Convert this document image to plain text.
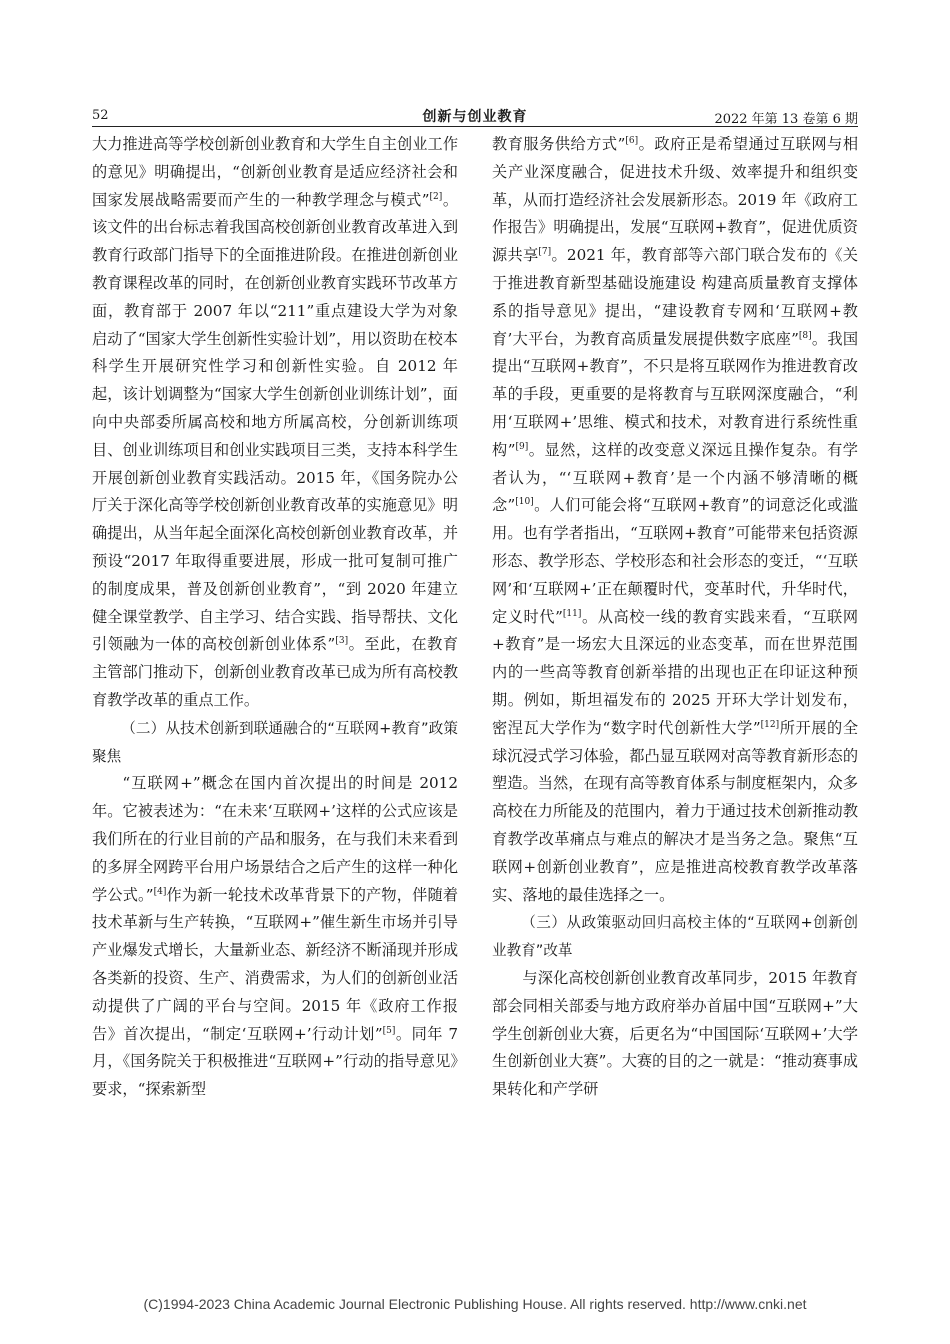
52	创新与创业教育	2022 年第 13 卷第 6 期

大力推进高等学校创新创业教育和大学生自主创业工作的意见》明确提出，“创新创业教育是适应经济社会和国家发展战略需要而产生的一种教学理念与模式”[2]。该文件的出台标志着我国高校创新创业教育改革进入到教育行政部门指导下的全面推进阶段。在推进创新创业教育课程改革的同时，在创新创业教育实践环节改革方面，教育部于 2007 年以“211”重点建设大学为对象启动了“国家大学生创新性实验计划”，用以资助在校本科学生开展研究性学习和创新性实验。自 2012 年起，该计划调整为“国家大学生创新创业训练计划”，面向中央部委所属高校和地方所属高校，分创新训练项目、创业训练项目和创业实践项目三类，支持本科学生开展创新创业教育实践活动。2015 年，《国务院办公厅关于深化高等学校创新创业教育改革的实施意见》明确提出，从当年起全面深化高校创新创业教育改革，并预设“2017 年取得重要进展，形成一批可复制可推广的制度成果，普及创新创业教育”，“到 2020 年建立健全课堂教学、自主学习、结合实践、指导帮扶、文化引领融为一体的高校创新创业体系”[3]。至此，在教育主管部门推动下，创新创业教育改革已成为所有高校教育教学改革的重点工作。

（二）从技术创新到联通融合的“互联网+教育”政策聚焦

“互联网+”概念在国内首次提出的时间是 2012 年。它被表述为：“在未来‘互联网+’这样的公式应该是我们所在的行业目前的产品和服务，在与我们未来看到的多屏全网跨平台用户场景结合之后产生的这样一种化学公式。”[4]作为新一轮技术改革背景下的产物，伴随着技术革新与生产转换，“互联网+”催生新生市场并引导产业爆发式增长，大量新业态、新经济不断涌现并形成各类新的投资、生产、消费需求，为人们的创新创业活动提供了广阔的平台与空间。2015 年《政府工作报告》首次提出，“制定‘互联网+’行动计划”[5]。同年 7 月，《国务院关于积极推进“互联网+”行动的指导意见》要求，“探索新型

教育服务供给方式”[6]。政府正是希望通过互联网与相关产业深度融合，促进技术升级、效率提升和组织变革，从而打造经济社会发展新形态。2019 年《政府工作报告》明确提出，发展“互联网+教育”，促进优质资源共享[7]。2021 年，教育部等六部门联合发布的《关于推进教育新型基础设施建设 构建高质量教育支撑体系的指导意见》提出，“建设教育专网和‘互联网+教育’大平台，为教育高质量发展提供数字底座”[8]。我国提出“互联网+教育”，不只是将互联网作为推进教育改革的手段，更重要的是将教育与互联网深度融合，“利用‘互联网+’思维、模式和技术，对教育进行系统性重构”[9]。显然，这样的改变意义深远且操作复杂。有学者认为，“‘互联网+教育’是一个内涵不够清晰的概念”[10]。人们可能会将“互联网+教育”的词意泛化或滥用。也有学者指出，“互联网+教育”可能带来包括资源形态、教学形态、学校形态和社会形态的变迁，“‘互联网’和‘互联网+’正在颠覆时代，变革时代，升华时代，定义时代”[11]。从高校一线的教育实践来看，“互联网+教育”是一场宏大且深远的业态变革，而在世界范围内的一些高等教育创新举措的出现也正在印证这种预期。例如，斯坦福发布的 2025 开环大学计划发布，密涅瓦大学作为“数字时代创新性大学”[12]所开展的全球沉浸式学习体验，都凸显互联网对高等教育新形态的塑造。当然，在现有高等教育体系与制度框架内，众多高校在力所能及的范围内，着力于通过技术创新推动教育教学改革痛点与难点的解决才是当务之急。聚焦“互联网+创新创业教育”，应是推进高校教育教学改革落实、落地的最佳选择之一。

（三）从政策驱动回归高校主体的“互联网+创新创业教育”改革

与深化高校创新创业教育改革同步，2015 年教育部会同相关部委与地方政府举办首届中国“互联网+”大学生创新创业大赛，后更名为“中国国际‘互联网+’大学生创新创业大赛”。大赛的目的之一就是：“推动赛事成果转化和产学研

(C)1994-2023 China Academic Journal Electronic Publishing House. All rights reserved. http://www.cnki.net
